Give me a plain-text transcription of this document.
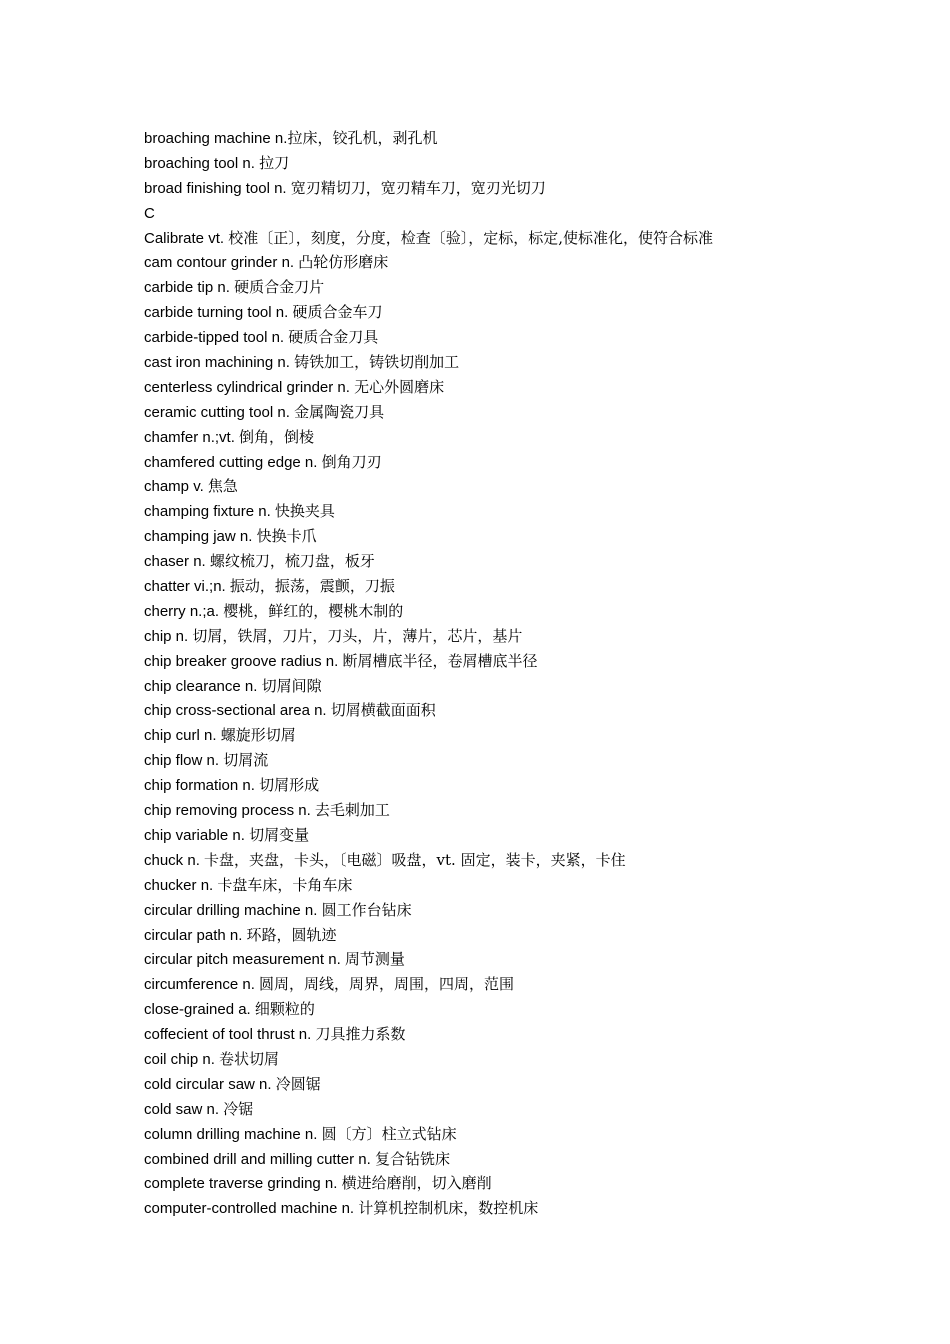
broaching machine n.拉床，铰孔机，剥孔机
broaching tool n. 拉刀
broad finishing tool n. 宽刃精切刀，宽刃精车刀，宽刃光切刀
C
Calibrate vt. 校准〔正〕，刻度，分度，检查〔验〕，定标，标定,使标准化，使符合标准
cam contour grinder n. 凸轮仿形磨床
carbide tip n. 硬质合金刀片
carbide turning tool n. 硬质合金车刀
carbide-tipped tool n. 硬质合金刀具
cast iron machining n. 铸铁加工，铸铁切削加工
centerless cylindrical grinder n. 无心外圆磨床
ceramic cutting tool n. 金属陶瓷刀具
chamfer n.;vt. 倒角，倒棱
chamfered cutting edge n. 倒角刀刃
champ v. 焦急
champing fixture n. 快换夹具
champing jaw n. 快换卡爪
chaser n. 螺纹梳刀，梳刀盘，板牙
chatter vi.;n. 振动，振荡，震颤，刀振
cherry n.;a. 樱桃，鲜红的，樱桃木制的
chip n. 切屑，铁屑，刀片，刀头，片，薄片，芯片，基片
chip breaker groove radius n. 断屑槽底半径，卷屑槽底半径
chip clearance n. 切屑间隙
chip cross-sectional area n. 切屑横截面面积
chip curl n. 螺旋形切屑
chip flow n. 切屑流
chip formation n. 切屑形成
chip removing process n. 去毛刺加工
chip variable n. 切屑变量
chuck n. 卡盘，夹盘，卡头，〔电磁〕吸盘，vt. 固定，装卡，夹紧，卡住
chucker n. 卡盘车床，卡角车床
circular drilling machine n. 圆工作台钻床
circular path n. 环路，圆轨迹
circular pitch measurement n. 周节测量
circumference n. 圆周，周线，周界，周围，四周，范围
close-grained a. 细颗粒的
coffecient of tool thrust n. 刀具推力系数
coil chip n. 卷状切屑
cold circular saw n. 冷圆锯
cold saw n. 冷锯
column drilling machine n. 圆〔方〕柱立式钻床
combined drill and milling cutter n. 复合钻铣床
complete traverse grinding n. 横进给磨削，切入磨削
computer-controlled machine n. 计算机控制机床，数控机床
